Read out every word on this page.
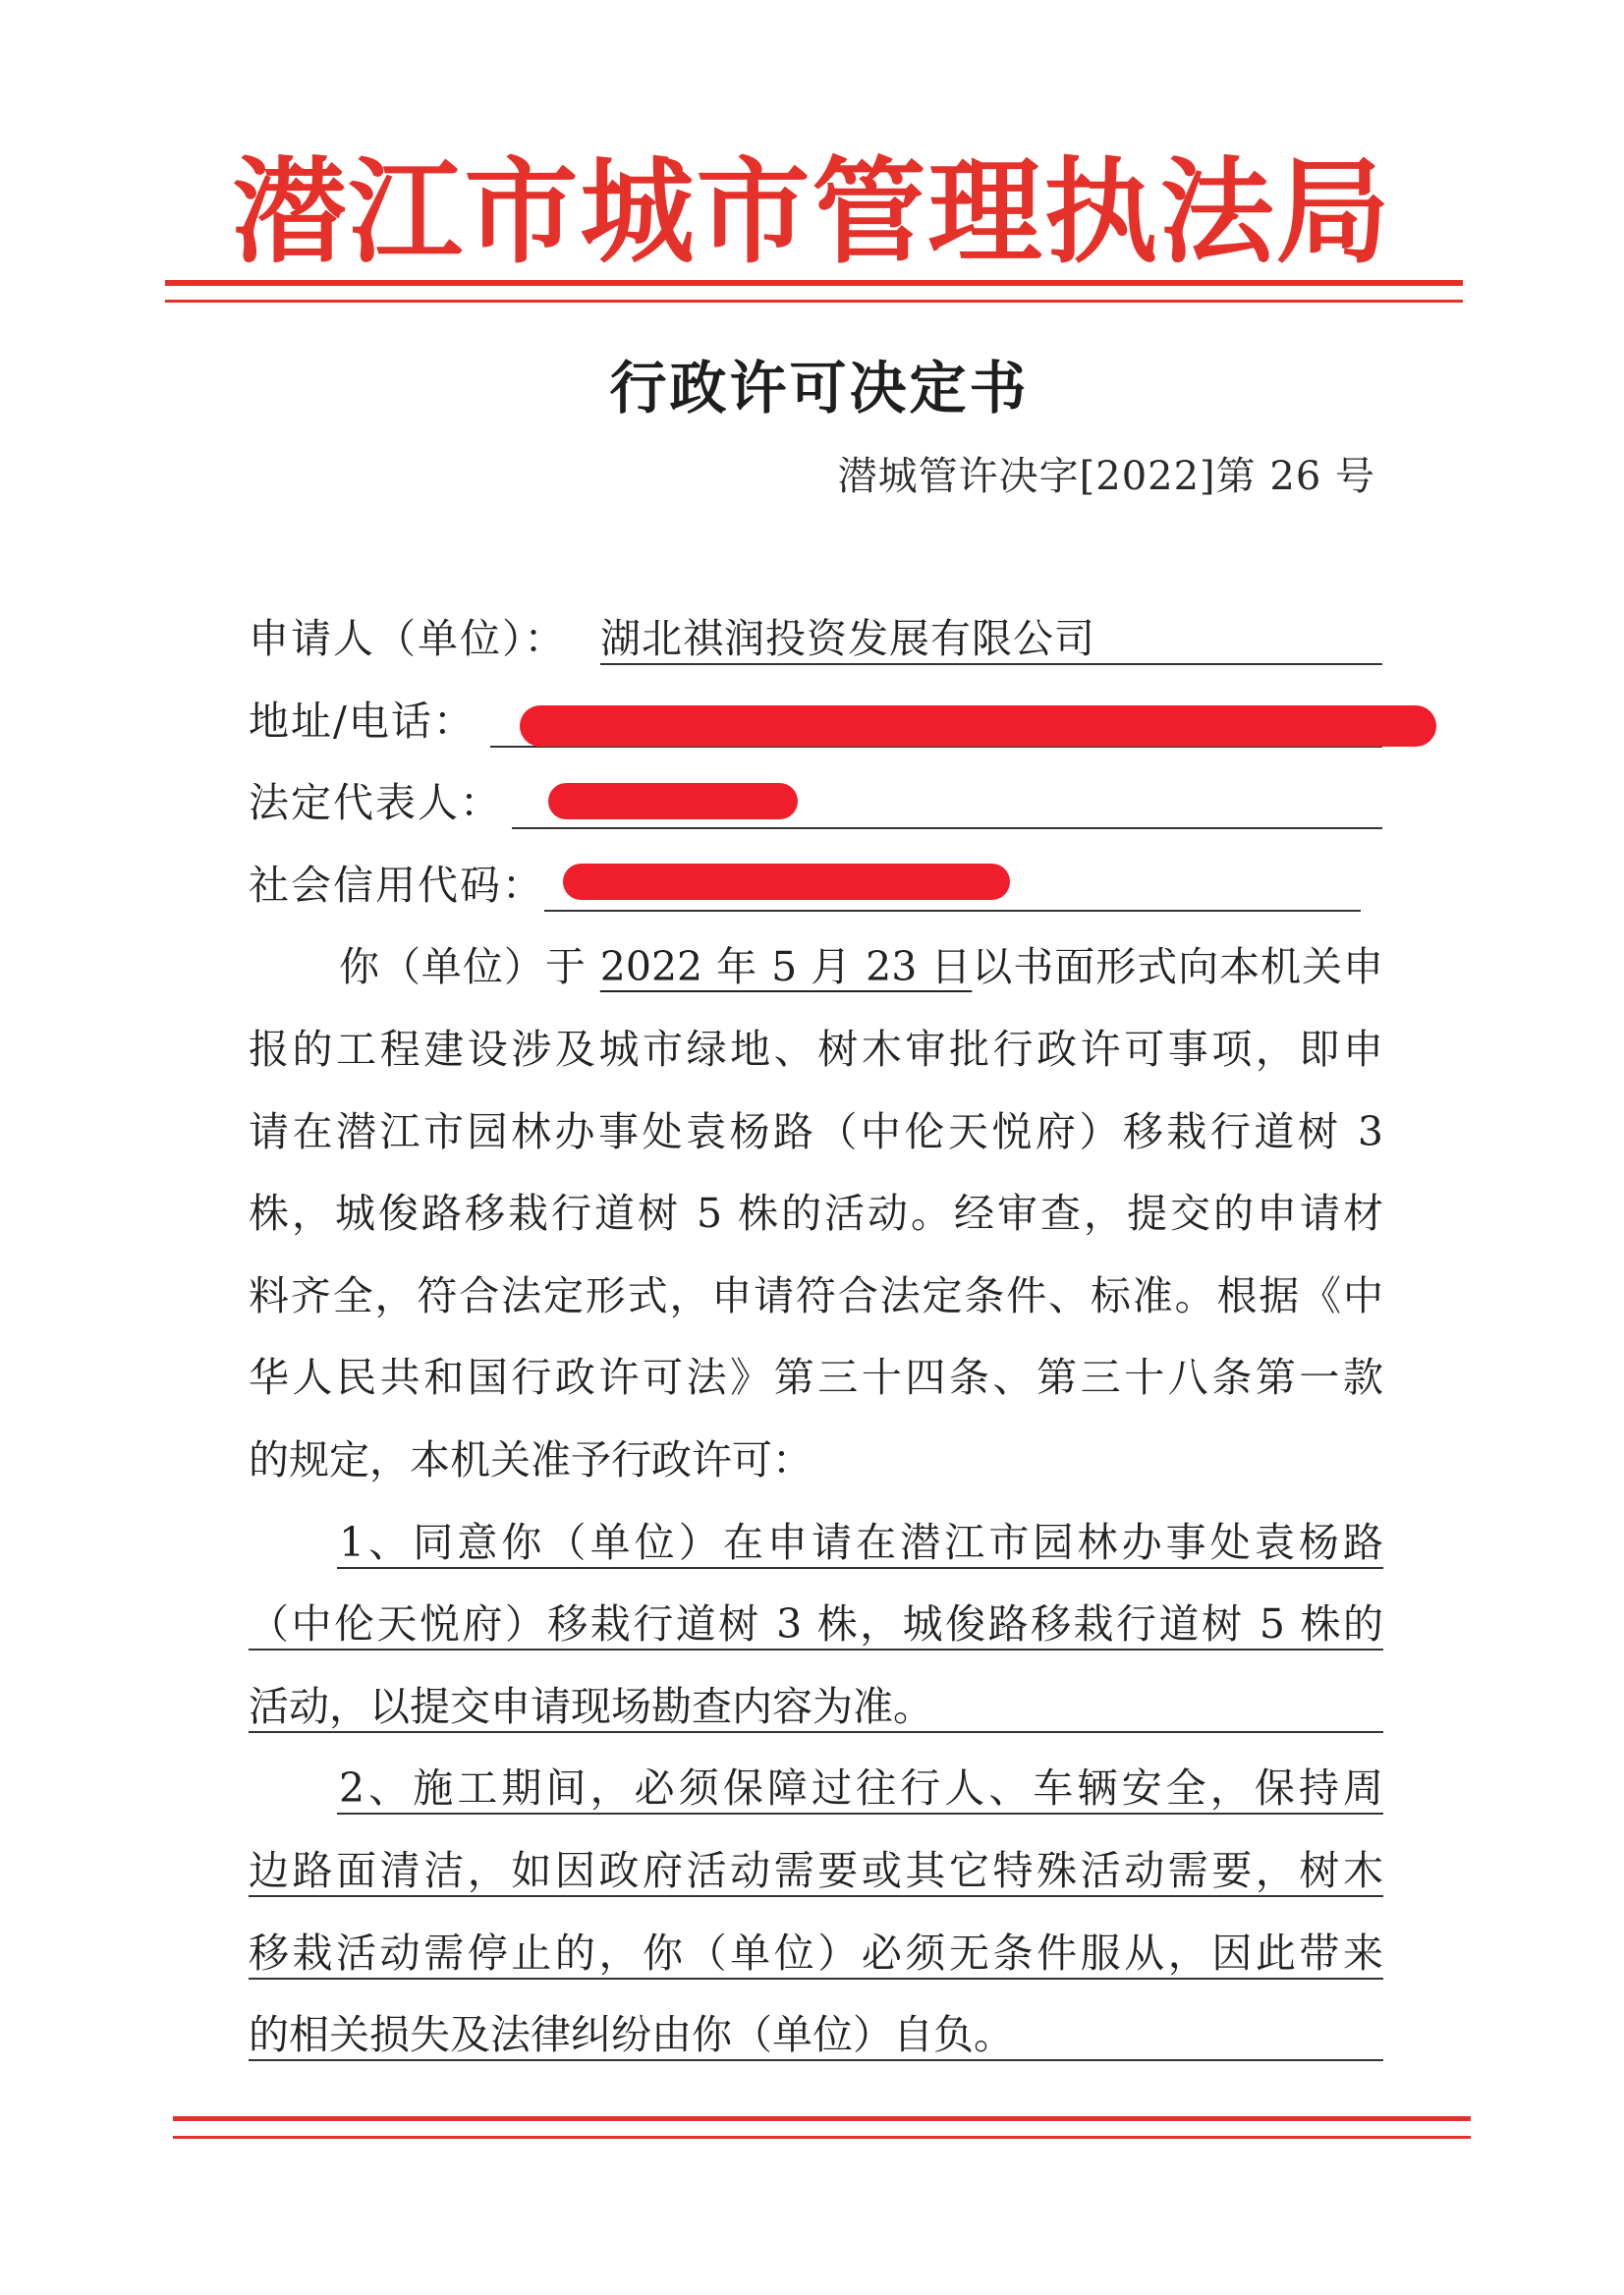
潜江市城市管理执法局
行政许可决定书
潜城管许决字[2022]第 26 号
申请人（单位）： 湖北祺润投资发展有限公司
地址/电话：
法定代表人：
社会信用代码：
你（单位）于 2022 年 5 月 23 日以书面形式向本机关申
报的工程建设涉及城市绿地、树木审批行政许可事项，即申
请在潜江市园林办事处袁杨路（中伦天悦府）移栽行道树 3
株，城俊路移栽行道树 5 株的活动。经审查，提交的申请材
料齐全，符合法定形式，申请符合法定条件、标准。根据《中
华人民共和国行政许可法》第三十四条、第三十八条第一款
的规定，本机关准予行政许可：
1、同意你（单位）在申请在潜江市园林办事处袁杨路
（中伦天悦府）移栽行道树 3 株，城俊路移栽行道树 5 株的
活动，以提交申请现场勘查内容为准。
2、施工期间，必须保障过往行人、车辆安全，保持周
边路面清洁，如因政府活动需要或其它特殊活动需要，树木
移栽活动需停止的，你（单位）必须无条件服从，因此带来
的相关损失及法律纠纷由你（单位）自负。
